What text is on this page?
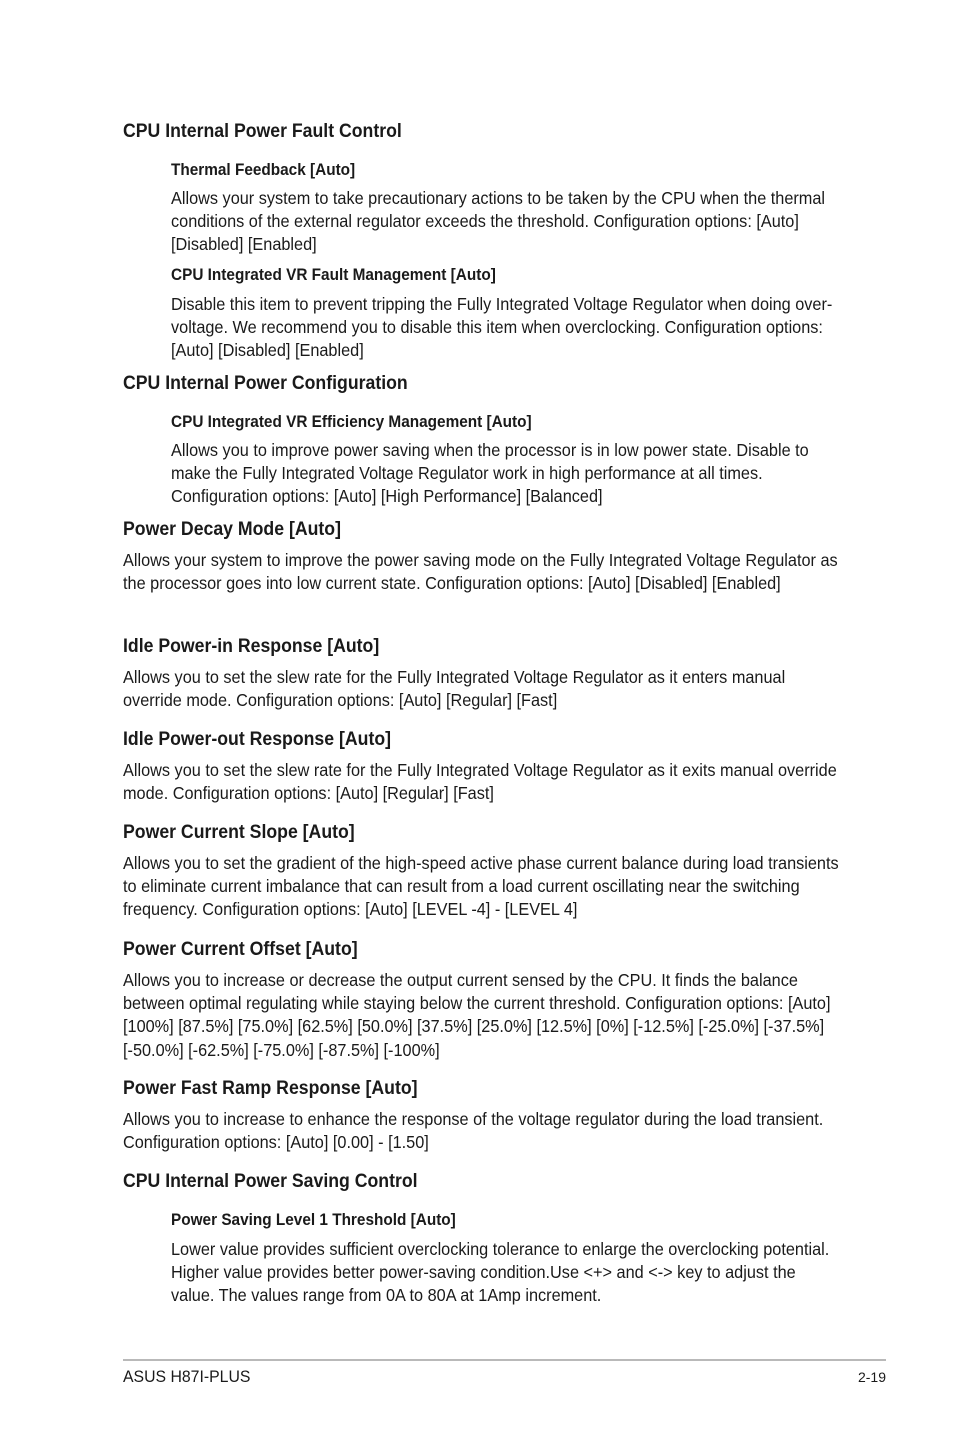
CPU Internal Power Fault Control
Thermal Feedback [Auto]
Allows your system to take precautionary actions to be taken by the CPU when the thermal conditions of the external regulator exceeds the threshold. Configuration options: [Auto] [Disabled] [Enabled]
CPU Integrated VR Fault Management [Auto]
Disable this item to prevent tripping the Fully Integrated Voltage Regulator when doing over-voltage. We recommend you to disable this item when overclocking. Configuration options: [Auto] [Disabled] [Enabled]
CPU Internal Power Configuration
CPU Integrated VR Efficiency Management [Auto]
Allows you to improve power saving when the processor is in low power state. Disable to make the Fully Integrated Voltage Regulator work in high performance at all times. Configuration options: [Auto] [High Performance] [Balanced]
Power Decay Mode [Auto]
Allows your system to improve the power saving mode on the Fully Integrated Voltage Regulator as the processor goes into low current state. Configuration options: [Auto] [Disabled] [Enabled]
Idle Power-in Response [Auto]
Allows you to set the slew rate for the Fully Integrated Voltage Regulator as it enters manual override mode. Configuration options: [Auto] [Regular] [Fast]
Idle Power-out Response [Auto]
Allows you to set the slew rate for the Fully Integrated Voltage Regulator as it exits manual override mode. Configuration options: [Auto] [Regular] [Fast]
Power Current Slope [Auto]
Allows you to set the gradient of the high-speed active phase current balance during load transients to eliminate current imbalance that can result from a load current oscillating near the switching frequency. Configuration options: [Auto] [LEVEL -4] - [LEVEL 4]
Power Current Offset [Auto]
Allows you to increase or decrease the output current sensed by the CPU. It finds the balance between optimal regulating while staying below the current threshold. Configuration options: [Auto] [100%] [87.5%] [75.0%] [62.5%] [50.0%] [37.5%] [25.0%] [12.5%] [0%] [-12.5%] [-25.0%] [-37.5%] [-50.0%] [-62.5%] [-75.0%] [-87.5%] [-100%]
Power Fast Ramp Response [Auto]
Allows you to increase to enhance the response of the voltage regulator during the load transient. Configuration options: [Auto] [0.00] - [1.50]
CPU Internal Power Saving Control
Power Saving Level 1 Threshold [Auto]
Lower value provides sufficient overclocking tolerance to enlarge the overclocking potential. Higher value provides better power-saving condition.Use <+> and <-> key to adjust the value. The values range from 0A to 80A at 1Amp increment.
ASUS H87I-PLUS	2-19
